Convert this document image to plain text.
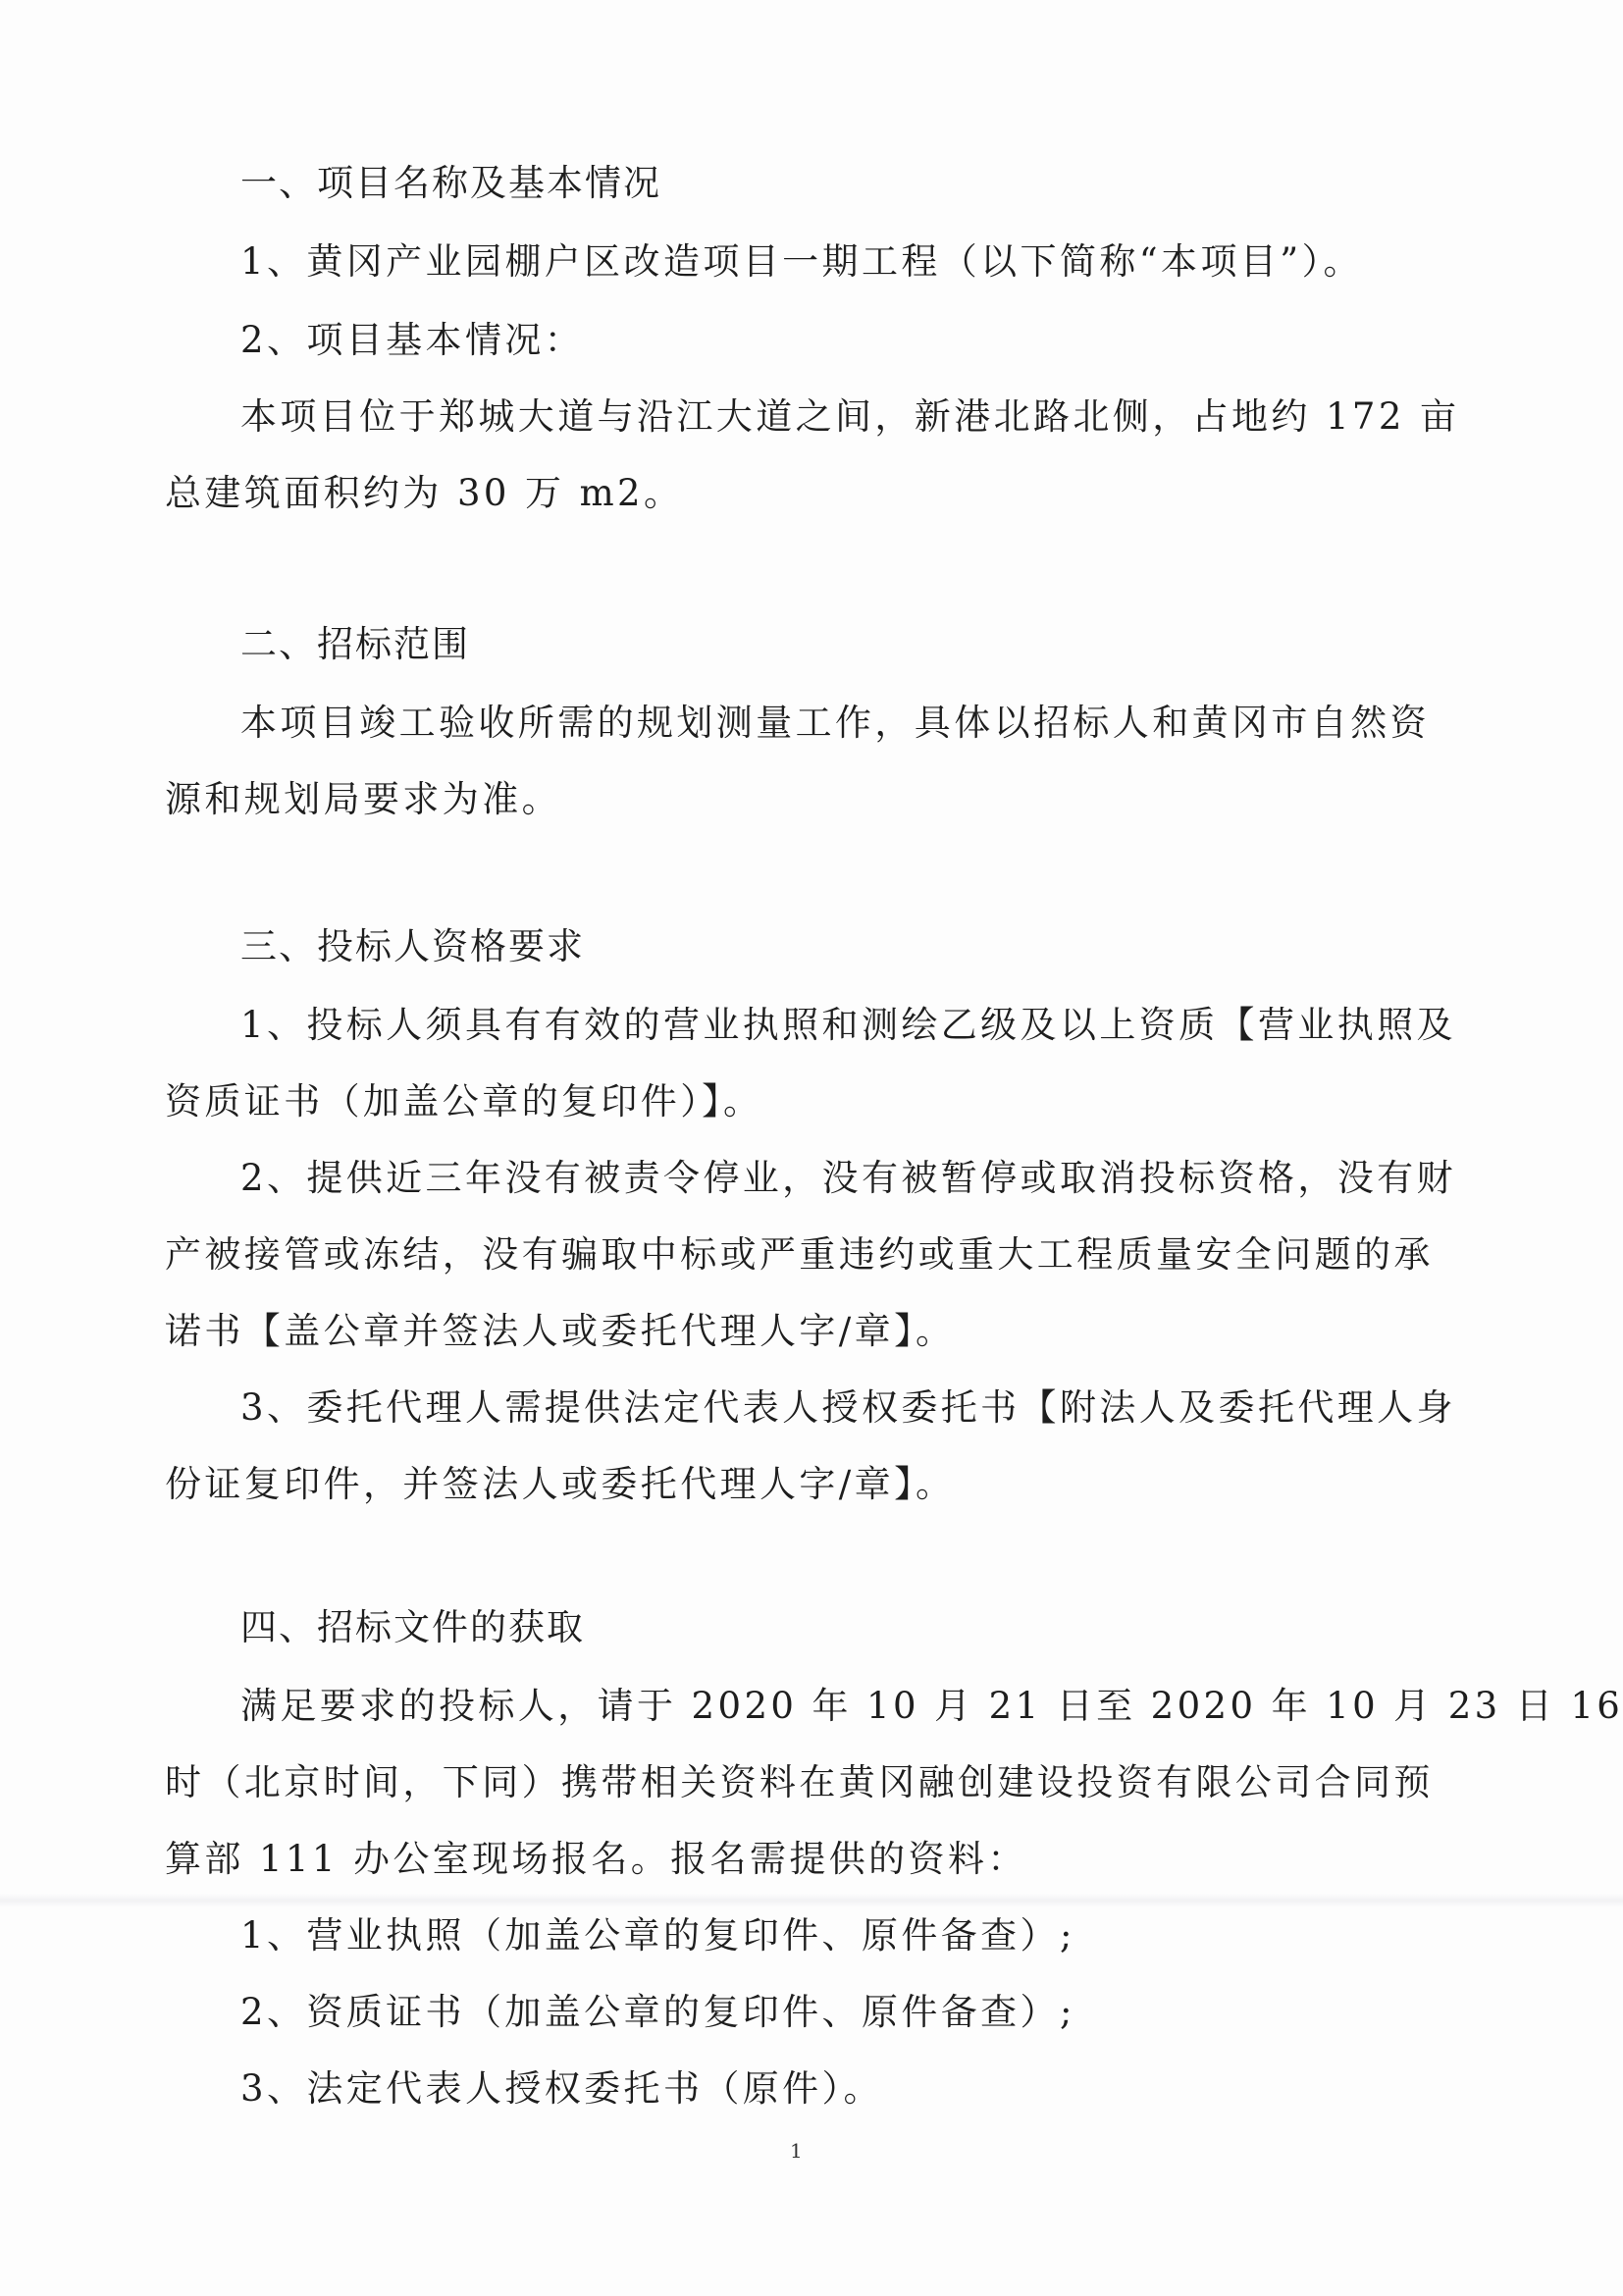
一、项目名称及基本情况
1、黄冈产业园棚户区改造项目一期工程（以下简称“本项目”）。
2、项目基本情况：
本项目位于郑城大道与沿江大道之间，新港北路北侧，占地约 172 亩
总建筑面积约为 30 万 m2。
二、招标范围
本项目竣工验收所需的规划测量工作，具体以招标人和黄冈市自然资
源和规划局要求为准。
三、投标人资格要求
1、投标人须具有有效的营业执照和测绘乙级及以上资质【营业执照及
资质证书（加盖公章的复印件）】。
2、提供近三年没有被责令停业，没有被暂停或取消投标资格，没有财
产被接管或冻结，没有骗取中标或严重违约或重大工程质量安全问题的承
诺书【盖公章并签法人或委托代理人字/章】。
3、委托代理人需提供法定代表人授权委托书【附法人及委托代理人身
份证复印件，并签法人或委托代理人字/章】。
四、招标文件的获取
满足要求的投标人，请于 2020 年 10 月 21 日至 2020 年 10 月 23 日 16
时（北京时间，下同）携带相关资料在黄冈融创建设投资有限公司合同预
算部 111 办公室现场报名。报名需提供的资料：
1、营业执照（加盖公章的复印件、原件备查）;
2、资质证书（加盖公章的复印件、原件备查）;
3、法定代表人授权委托书（原件）。
1
